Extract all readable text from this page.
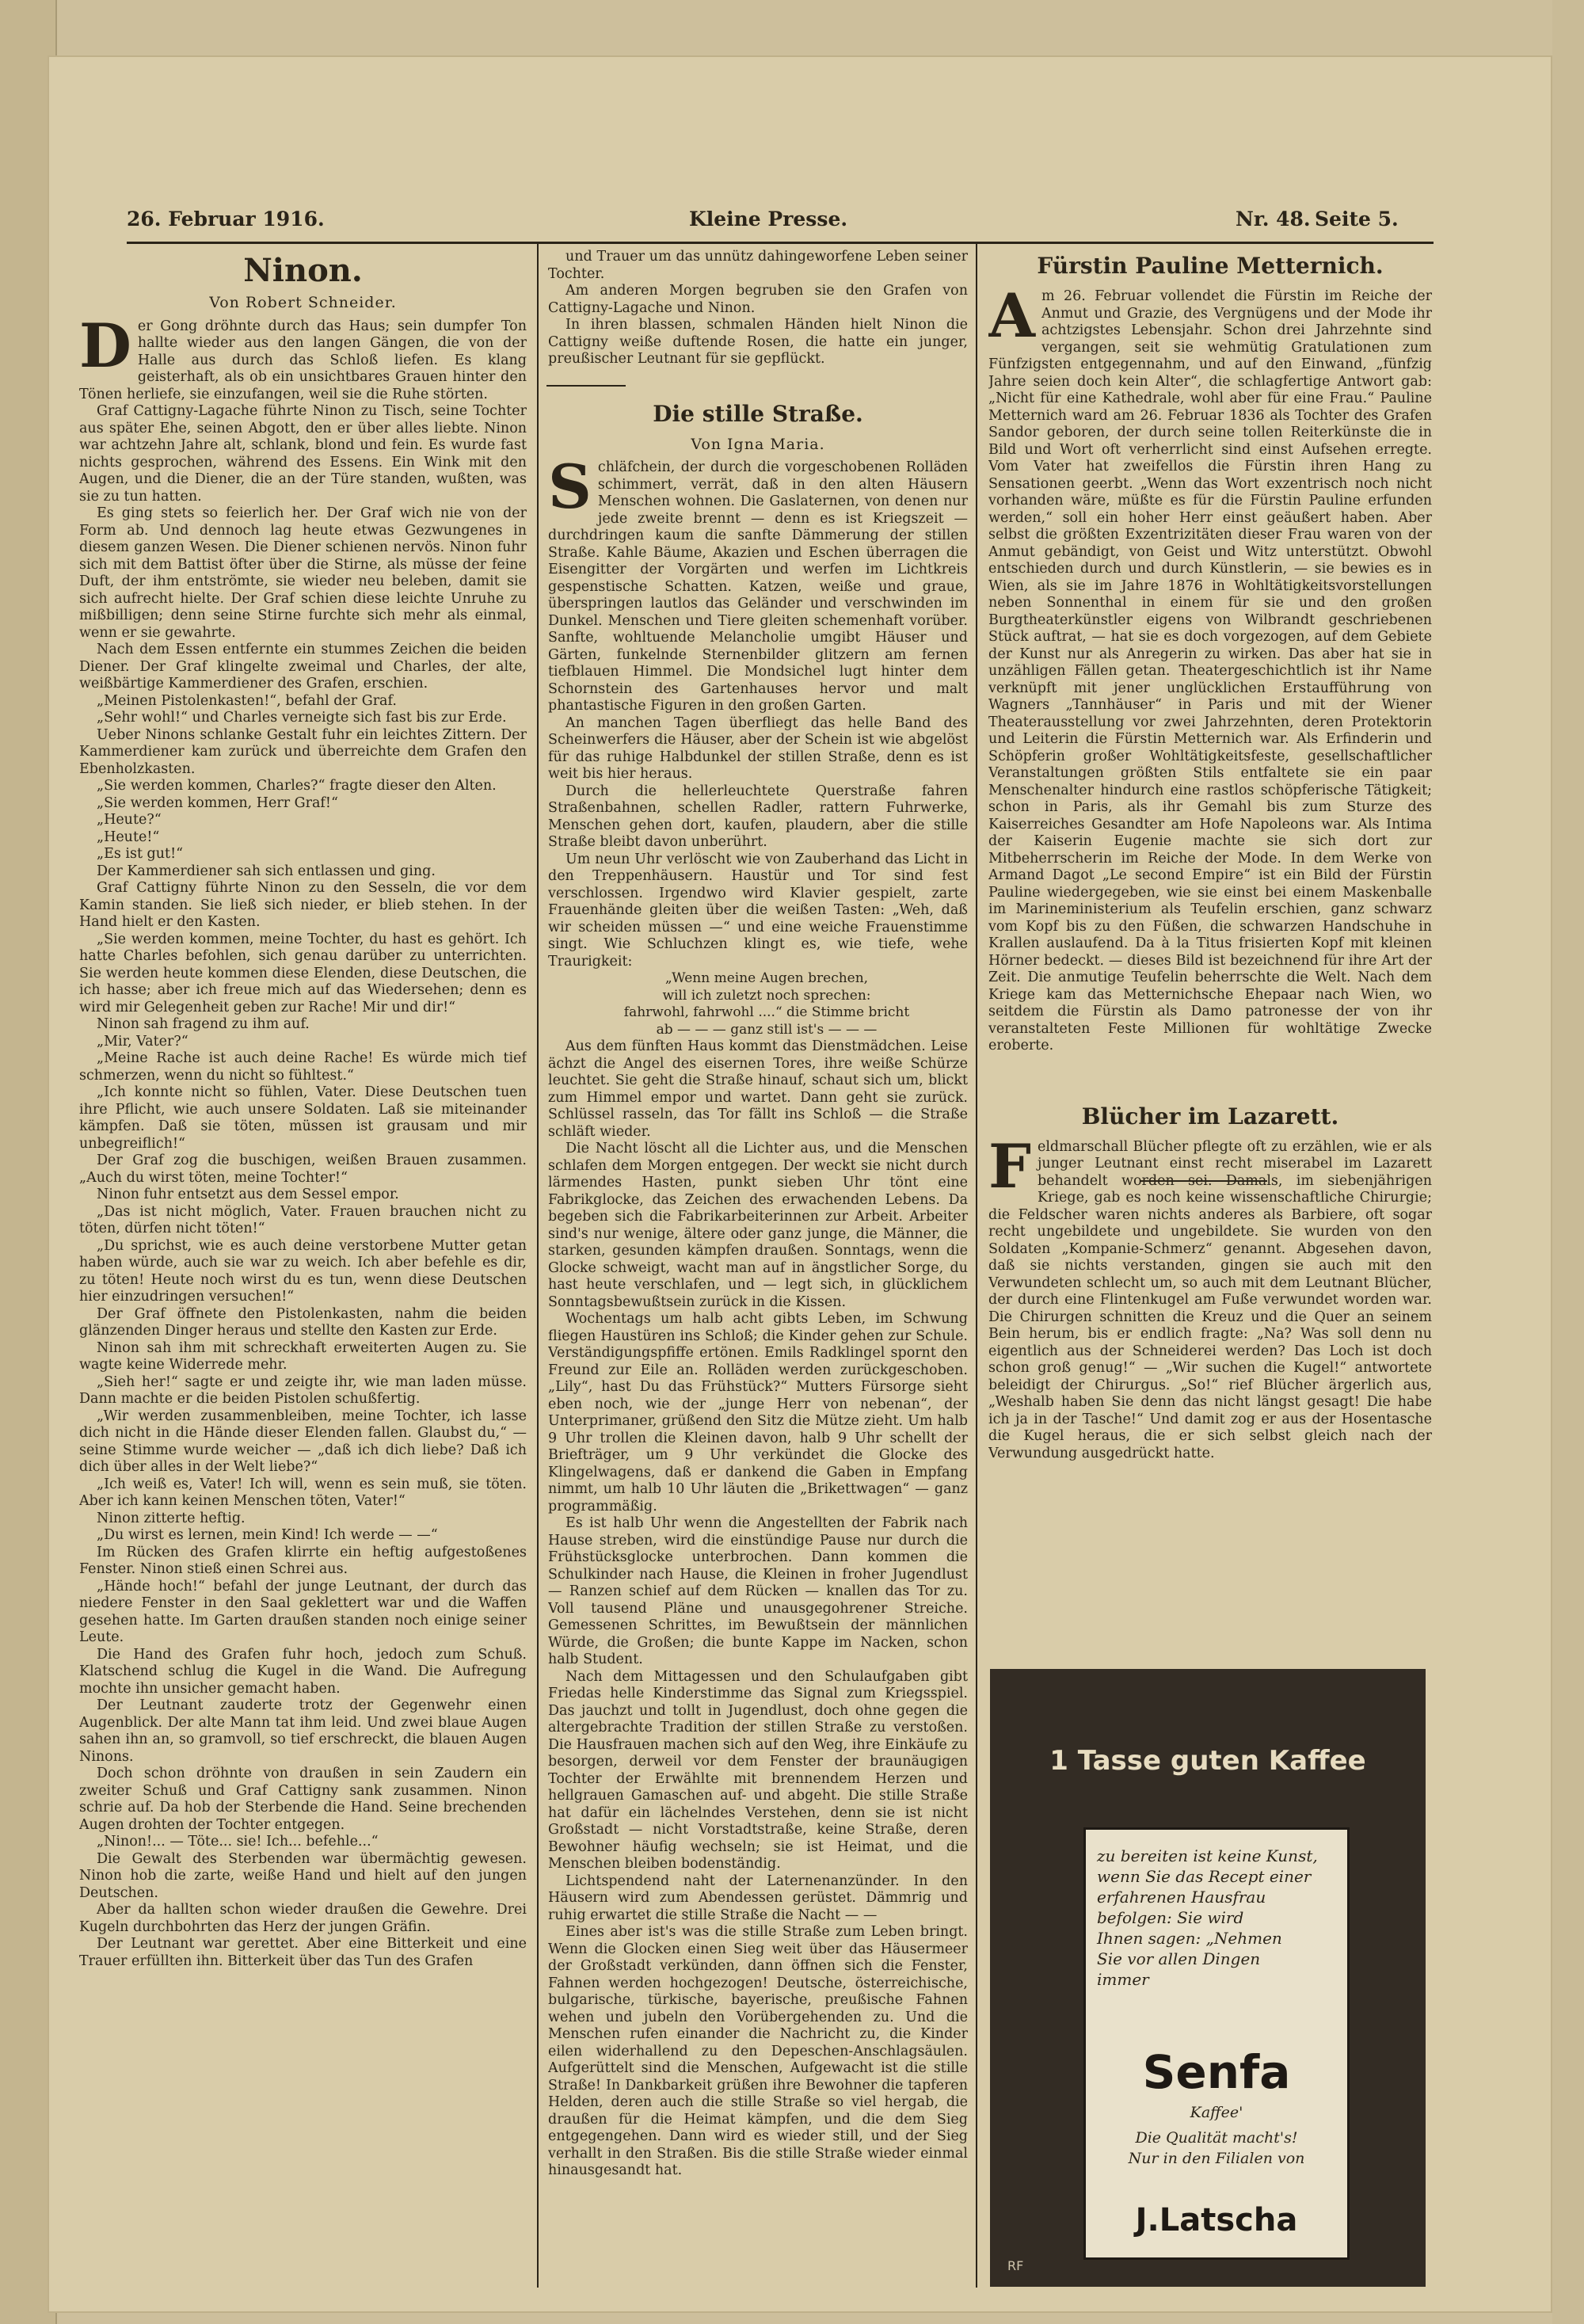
26. Februar 1916.	Kleine Presse.	Nr. 48. Seite 5.
Ninon.
Von Robert Schneider.

Der Gong dröhnte durch das Haus; sein dumpfer Ton hallte wieder aus den langen Gängen, die von der Halle aus durch das Schloß liefen. Es klang geisterhaft, als ob ein unsichtbares Grauen hinter den Tönen herliefe, sie einzufangen, weil sie die Ruhe störten.

Graf Cattigny-Lagache führte Ninon zu Tisch, seine Tochter aus später Ehe, seinen Abgott, den er über alles liebte. Ninon war achtzehn Jahre alt, schlank, blond und fein. Es wurde fast nichts gesprochen, während des Essens. Ein Wink mit den Augen, und die Diener, die an der Türe standen, wußten, was sie zu tun hatten.

Es ging stets so feierlich her. Der Graf wich nie von der Form ab. Und dennoch lag heute etwas Gezwungenes in diesem ganzen Wesen. Die Diener schienen nervös. Ninon fuhr sich mit dem Battist öfter über die Stirne, als müsse der feine Duft, der ihm entströmte, sie wieder neu beleben, damit sie sich aufrecht hielte. Der Graf schien diese leichte Unruhe zu mißbilligen; denn seine Stirne furchte sich mehr als einmal, wenn er sie gewahrte.

Nach dem Essen entfernte ein stummes Zeichen die beiden Diener. Der Graf klingelte zweimal und Charles, der alte, weißbärtige Kammerdiener des Grafen, erschien.

„Meinen Pistolenkasten!“, befahl der Graf.

„Sehr wohl!“ und Charles verneigte sich fast bis zur Erde.

Ueber Ninons schlanke Gestalt fuhr ein leichtes Zittern. Der Kammerdiener kam zurück und überreichte dem Grafen den Ebenholzkasten.

„Sie werden kommen, Charles?“ fragte dieser den Alten.

„Sie werden kommen, Herr Graf!“

„Heute?“

„Heute!“

„Es ist gut!“

Der Kammerdiener sah sich entlassen und ging.

Graf Cattigny führte Ninon zu den Sesseln, die vor dem Kamin standen. Sie ließ sich nieder, er blieb stehen. In der Hand hielt er den Kasten.

„Sie werden kommen, meine Tochter, du hast es gehört. Ich hatte Charles befohlen, sich genau darüber zu unterrichten. Sie werden heute kommen diese Elenden, diese Deutschen, die ich hasse; aber ich freue mich auf das Wiedersehen; denn es wird mir Gelegenheit geben zur Rache! Mir und dir!“

Ninon sah fragend zu ihm auf.

„Mir, Vater?“

„Meine Rache ist auch deine Rache! Es würde mich tief schmerzen, wenn du nicht so fühltest.“

„Ich konnte nicht so fühlen, Vater. Diese Deutschen tuen ihre Pflicht, wie auch unsere Soldaten. Laß sie miteinander kämpfen. Daß sie töten, müssen ist grausam und mir unbegreiflich!“

Der Graf zog die buschigen, weißen Brauen zusammen. „Auch du wirst töten, meine Tochter!“

Ninon fuhr entsetzt aus dem Sessel empor.

„Das ist nicht möglich, Vater. Frauen brauchen nicht zu töten, dürfen nicht töten!“

„Du sprichst, wie es auch deine verstorbene Mutter getan haben würde, auch sie war zu weich. Ich aber befehle es dir, zu töten! Heute noch wirst du es tun, wenn diese Deutschen hier einzudringen versuchen!“

Der Graf öffnete den Pistolenkasten, nahm die beiden glänzenden Dinger heraus und stellte den Kasten zur Erde.

Ninon sah ihm mit schreckhaft erweiterten Augen zu. Sie wagte keine Widerrede mehr.

„Sieh her!“ sagte er und zeigte ihr, wie man laden müsse. Dann machte er die beiden Pistolen schußfertig.

„Wir werden zusammenbleiben, meine Tochter, ich lasse dich nicht in die Hände dieser Elenden fallen. Glaubst du,“ — seine Stimme wurde weicher — „daß ich dich liebe? Daß ich dich über alles in der Welt liebe?“

„Ich weiß es, Vater! Ich will, wenn es sein muß, sie töten. Aber ich kann keinen Menschen töten, Vater!“

Ninon zitterte heftig.

„Du wirst es lernen, mein Kind! Ich werde — —“

Im Rücken des Grafen klirrte ein heftig aufgestoßenes Fenster. Ninon stieß einen Schrei aus.

„Hände hoch!“ befahl der junge Leutnant, der durch das niedere Fenster in den Saal geklettert war und die Waffen gesehen hatte. Im Garten draußen standen noch einige seiner Leute.

Die Hand des Grafen fuhr hoch, jedoch zum Schuß. Klatschend schlug die Kugel in die Wand. Die Aufregung mochte ihn unsicher gemacht haben.

Der Leutnant zauderte trotz der Gegenwehr einen Augenblick. Der alte Mann tat ihm leid. Und zwei blaue Augen sahen ihn an, so gramvoll, so tief erschreckt, die blauen Augen Ninons.

Doch schon dröhnte von draußen in sein Zaudern ein zweiter Schuß und Graf Cattigny sank zusammen. Ninon schrie auf. Da hob der Sterbende die Hand. Seine brechenden Augen drohten der Tochter entgegen.

„Ninon!... — Töte... sie! Ich... befehle...“

Die Gewalt des Sterbenden war übermächtig gewesen. Ninon hob die zarte, weiße Hand und hielt auf den jungen Deutschen.

Aber da hallten schon wieder draußen die Gewehre. Drei Kugeln durchbohrten das Herz der jungen Gräfin.

Der Leutnant war gerettet. Aber eine Bitterkeit und eine Trauer erfüllten ihn. Bitterkeit über das Tun des Grafen

und Trauer um das unnütz dahingeworfene Leben seiner Tochter.

Am anderen Morgen begruben sie den Grafen von Cattigny-Lagache und Ninon.

In ihren blassen, schmalen Händen hielt Ninon die Cattigny weiße duftende Rosen, die hatte ein junger, preußischer Leutnant für sie gepflückt.

Die stille Straße.
Von Igna Maria.

Schläfchein, der durch die vorgeschobenen Rolläden schimmert, verrät, daß in den alten Häusern Menschen wohnen. Die Gaslaternen, von denen nur jede zweite brennt — denn es ist Kriegszeit — durchdringen kaum die sanfte Dämmerung der stillen Straße. Kahle Bäume, Akazien und Eschen überragen die Eisengitter der Vorgärten und werfen im Lichtkreis gespenstische Schatten. Katzen, weiße und graue, überspringen lautlos das Geländer und verschwinden im Dunkel. Menschen und Tiere gleiten schemenhaft vorüber. Sanfte, wohltuende Melancholie umgibt Häuser und Gärten, funkelnde Sternenbilder glitzern am fernen tiefblauen Himmel. Die Mondsichel lugt hinter dem Schornstein des Gartenhauses hervor und malt phantastische Figuren in den großen Garten.

An manchen Tagen überfliegt das helle Band des Scheinwerfers die Häuser, aber der Schein ist wie abgelöst für das ruhige Halbdunkel der stillen Straße, denn es ist weit bis hier heraus.

Durch die hellerleuchtete Querstraße fahren Straßenbahnen, schellen Radler, rattern Fuhrwerke, Menschen gehen dort, kaufen, plaudern, aber die stille Straße bleibt davon unberührt.

Um neun Uhr verlöscht wie von Zauberhand das Licht in den Treppenhäusern. Haustür und Tor sind fest verschlossen. Irgendwo wird Klavier gespielt, zarte Frauenhände gleiten über die weißen Tasten: „Weh, daß wir scheiden müssen —“ und eine weiche Frauenstimme singt. Wie Schluchzen klingt es, wie tiefe, wehe Traurigkeit:

„Wenn meine Augen brechen,

will ich zuletzt noch sprechen:

fahrwohl, fahrwohl ....“ die Stimme bricht

ab — — — ganz still ist's — — —

Aus dem fünften Haus kommt das Dienstmädchen. Leise ächzt die Angel des eisernen Tores, ihre weiße Schürze leuchtet. Sie geht die Straße hinauf, schaut sich um, blickt zum Himmel empor und wartet. Dann geht sie zurück. Schlüssel rasseln, das Tor fällt ins Schloß — die Straße schläft wieder.

Die Nacht löscht all die Lichter aus, und die Menschen schlafen dem Morgen entgegen. Der weckt sie nicht durch lärmendes Hasten, punkt sieben Uhr tönt eine Fabrikglocke, das Zeichen des erwachenden Lebens. Da begeben sich die Fabrikarbeiterinnen zur Arbeit. Arbeiter sind's nur wenige, ältere oder ganz junge, die Männer, die starken, gesunden kämpfen draußen. Sonntags, wenn die Glocke schweigt, wacht man auf in ängstlicher Sorge, du hast heute verschlafen, und — legt sich, in glücklichem Sonntagsbewußtsein zurück in die Kissen.

Wochentags um halb acht gibts Leben, im Schwung fliegen Haustüren ins Schloß; die Kinder gehen zur Schule. Verständigungspfiffe ertönen. Emils Radklingel spornt den Freund zur Eile an. Rolläden werden zurückgeschoben. „Lily“, hast Du das Frühstück?“ Mutters Fürsorge sieht eben noch, wie der „junge Herr von nebenan“, der Unterprimaner, grüßend den Sitz die Mütze zieht. Um halb 9 Uhr trollen die Kleinen davon, halb 9 Uhr schellt der Briefträger, um 9 Uhr verkündet die Glocke des Klingelwagens, daß er dankend die Gaben in Empfang nimmt, um halb 10 Uhr läuten die „Brikettwagen“ — ganz programmäßig.

Es ist halb Uhr wenn die Angestellten der Fabrik nach Hause streben, wird die einstündige Pause nur durch die Frühstücksglocke unterbrochen. Dann kommen die Schulkinder nach Hause, die Kleinen in froher Jugendlust — Ranzen schief auf dem Rücken — knallen das Tor zu. Voll tausend Pläne und unausgegohrener Streiche. Gemessenen Schrittes, im Bewußtsein der männlichen Würde, die Großen; die bunte Kappe im Nacken, schon halb Student.

Nach dem Mittagessen und den Schulaufgaben gibt Friedas helle Kinderstimme das Signal zum Kriegsspiel. Das jauchzt und tollt in Jugendlust, doch ohne gegen die altergebrachte Tradition der stillen Straße zu verstoßen. Die Hausfrauen machen sich auf den Weg, ihre Einkäufe zu besorgen, derweil vor dem Fenster der braunäugigen Tochter der Erwählte mit brennendem Herzen und hellgrauen Gamaschen auf- und abgeht. Die stille Straße hat dafür ein lächelndes Verstehen, denn sie ist nicht Großstadt — nicht Vorstadtstraße, keine Straße, deren Bewohner häufig wechseln; sie ist Heimat, und die Menschen bleiben bodenständig.

Lichtspendend naht der Laternenanzünder. In den Häusern wird zum Abendessen gerüstet. Dämmrig und ruhig erwartet die stille Straße die Nacht — —

Eines aber ist's was die stille Straße zum Leben bringt. Wenn die Glocken einen Sieg weit über das Häusermeer der Großstadt verkünden, dann öffnen sich die Fenster, Fahnen werden hochgezogen! Deutsche, österreichische, bulgarische, türkische, bayerische, preußische Fahnen wehen und jubeln den Vorübergehenden zu. Und die Menschen rufen einander die Nachricht zu, die Kinder eilen widerhallend zu den Depeschen-Anschlagsäulen. Aufgerüttelt sind die Menschen, Aufgewacht ist die stille Straße! In Dankbarkeit grüßen ihre Bewohner die tapferen Helden, deren auch die stille Straße so viel hergab, die draußen für die Heimat kämpfen, und die dem Sieg entgegengehen. Dann wird es wieder still, und der Sieg verhallt in den Straßen. Bis die stille Straße wieder einmal hinausgesandt hat.

Fürstin Pauline Metternich.

Am 26. Februar vollendet die Fürstin im Reiche der Anmut und Grazie, des Vergnügens und der Mode ihr achtzigstes Lebensjahr. Schon drei Jahrzehnte sind vergangen, seit sie wehmütig Gratulationen zum Fünfzigsten entgegennahm, und auf den Einwand, „fünfzig Jahre seien doch kein Alter“, die schlagfertige Antwort gab: „Nicht für eine Kathedrale, wohl aber für eine Frau.“ Pauline Metternich ward am 26. Februar 1836 als Tochter des Grafen Sandor geboren, der durch seine tollen Reiterkünste die in Bild und Wort oft verherrlicht sind einst Aufsehen erregte. Vom Vater hat zweifellos die Fürstin ihren Hang zu Sensationen geerbt. „Wenn das Wort exzentrisch noch nicht vorhanden wäre, müßte es für die Fürstin Pauline erfunden werden,“ soll ein hoher Herr einst geäußert haben. Aber selbst die größten Exzentrizitäten dieser Frau waren von der Anmut gebändigt, von Geist und Witz unterstützt. Obwohl entschieden durch und durch Künstlerin, — sie bewies es in Wien, als sie im Jahre 1876 in Wohltätigkeitsvorstellungen neben Sonnenthal in einem für sie und den großen Burgtheaterkünstler eigens von Wilbrandt geschriebenen Stück auftrat, — hat sie es doch vorgezogen, auf dem Gebiete der Kunst nur als Anregerin zu wirken. Das aber hat sie in unzähligen Fällen getan. Theatergeschichtlich ist ihr Name verknüpft mit jener unglücklichen Erstaufführung von Wagners „Tannhäuser“ in Paris und mit der Wiener Theaterausstellung vor zwei Jahrzehnten, deren Protektorin und Leiterin die Fürstin Metternich war. Als Erfinderin und Schöpferin großer Wohltätigkeitsfeste, gesellschaftlicher Veranstaltungen größten Stils entfaltete sie ein paar Menschenalter hindurch eine rastlos schöpferische Tätigkeit; schon in Paris, als ihr Gemahl bis zum Sturze des Kaiserreiches Gesandter am Hofe Napoleons war. Als Intima der Kaiserin Eugenie machte sie sich dort zur Mitbeherrscherin im Reiche der Mode. In dem Werke von Armand Dagot „Le second Empire“ ist ein Bild der Fürstin Pauline wiedergegeben, wie sie einst bei einem Maskenballe im Marineministerium als Teufelin erschien, ganz schwarz vom Kopf bis zu den Füßen, die schwarzen Handschuhe in Krallen auslaufend. Da à la Titus frisierten Kopf mit kleinen Hörner bedeckt. — dieses Bild ist bezeichnend für ihre Art der Zeit. Die anmutige Teufelin beherrschte die Welt. Nach dem Kriege kam das Metternichsche Ehepaar nach Wien, wo seitdem die Fürstin als Damo patronesse der von ihr veranstalteten Feste Millionen für wohltätige Zwecke eroberte.

Blücher im Lazarett.

Feldmarschall Blücher pflegte oft zu erzählen, wie er als junger Leutnant einst recht miserabel im Lazarett behandelt worden sei. Damals, im siebenjährigen Kriege, gab es noch keine wissenschaftliche Chirurgie; die Feldscher waren nichts anderes als Barbiere, oft sogar recht ungebildete und ungebildete. Sie wurden von den Soldaten „Kompanie-Schmerz“ genannt. Abgesehen davon, daß sie nichts verstanden, gingen sie auch mit den Verwundeten schlecht um, so auch mit dem Leutnant Blücher, der durch eine Flintenkugel am Fuße verwundet worden war. Die Chirurgen schnitten die Kreuz und die Quer an seinem Bein herum, bis er endlich fragte: „Na? Was soll denn nu eigentlich aus der Schneiderei werden? Das Loch ist doch schon groß genug!“ — „Wir suchen die Kugel!“ antwortete beleidigt der Chirurgus. „So!“ rief Blücher ärgerlich aus, „Weshalb haben Sie denn das nicht längst gesagt! Die habe ich ja in der Tasche!“ Und damit zog er aus der Hosentasche die Kugel heraus, die er sich selbst gleich nach der Verwundung ausgedrückt hatte.

1 Tasse guten Kaffee
zu bereiten ist keine Kunst,
wenn Sie das Recept einer erfahrenen Hausfrau befolgen: Sie wird
Ihnen sagen: „Nehmen
Sie vor allen Dingen
immer
Senfa
Kaffee'
Die Qualität macht's!
Nur in den Filialen von
J.Latscha
RF
